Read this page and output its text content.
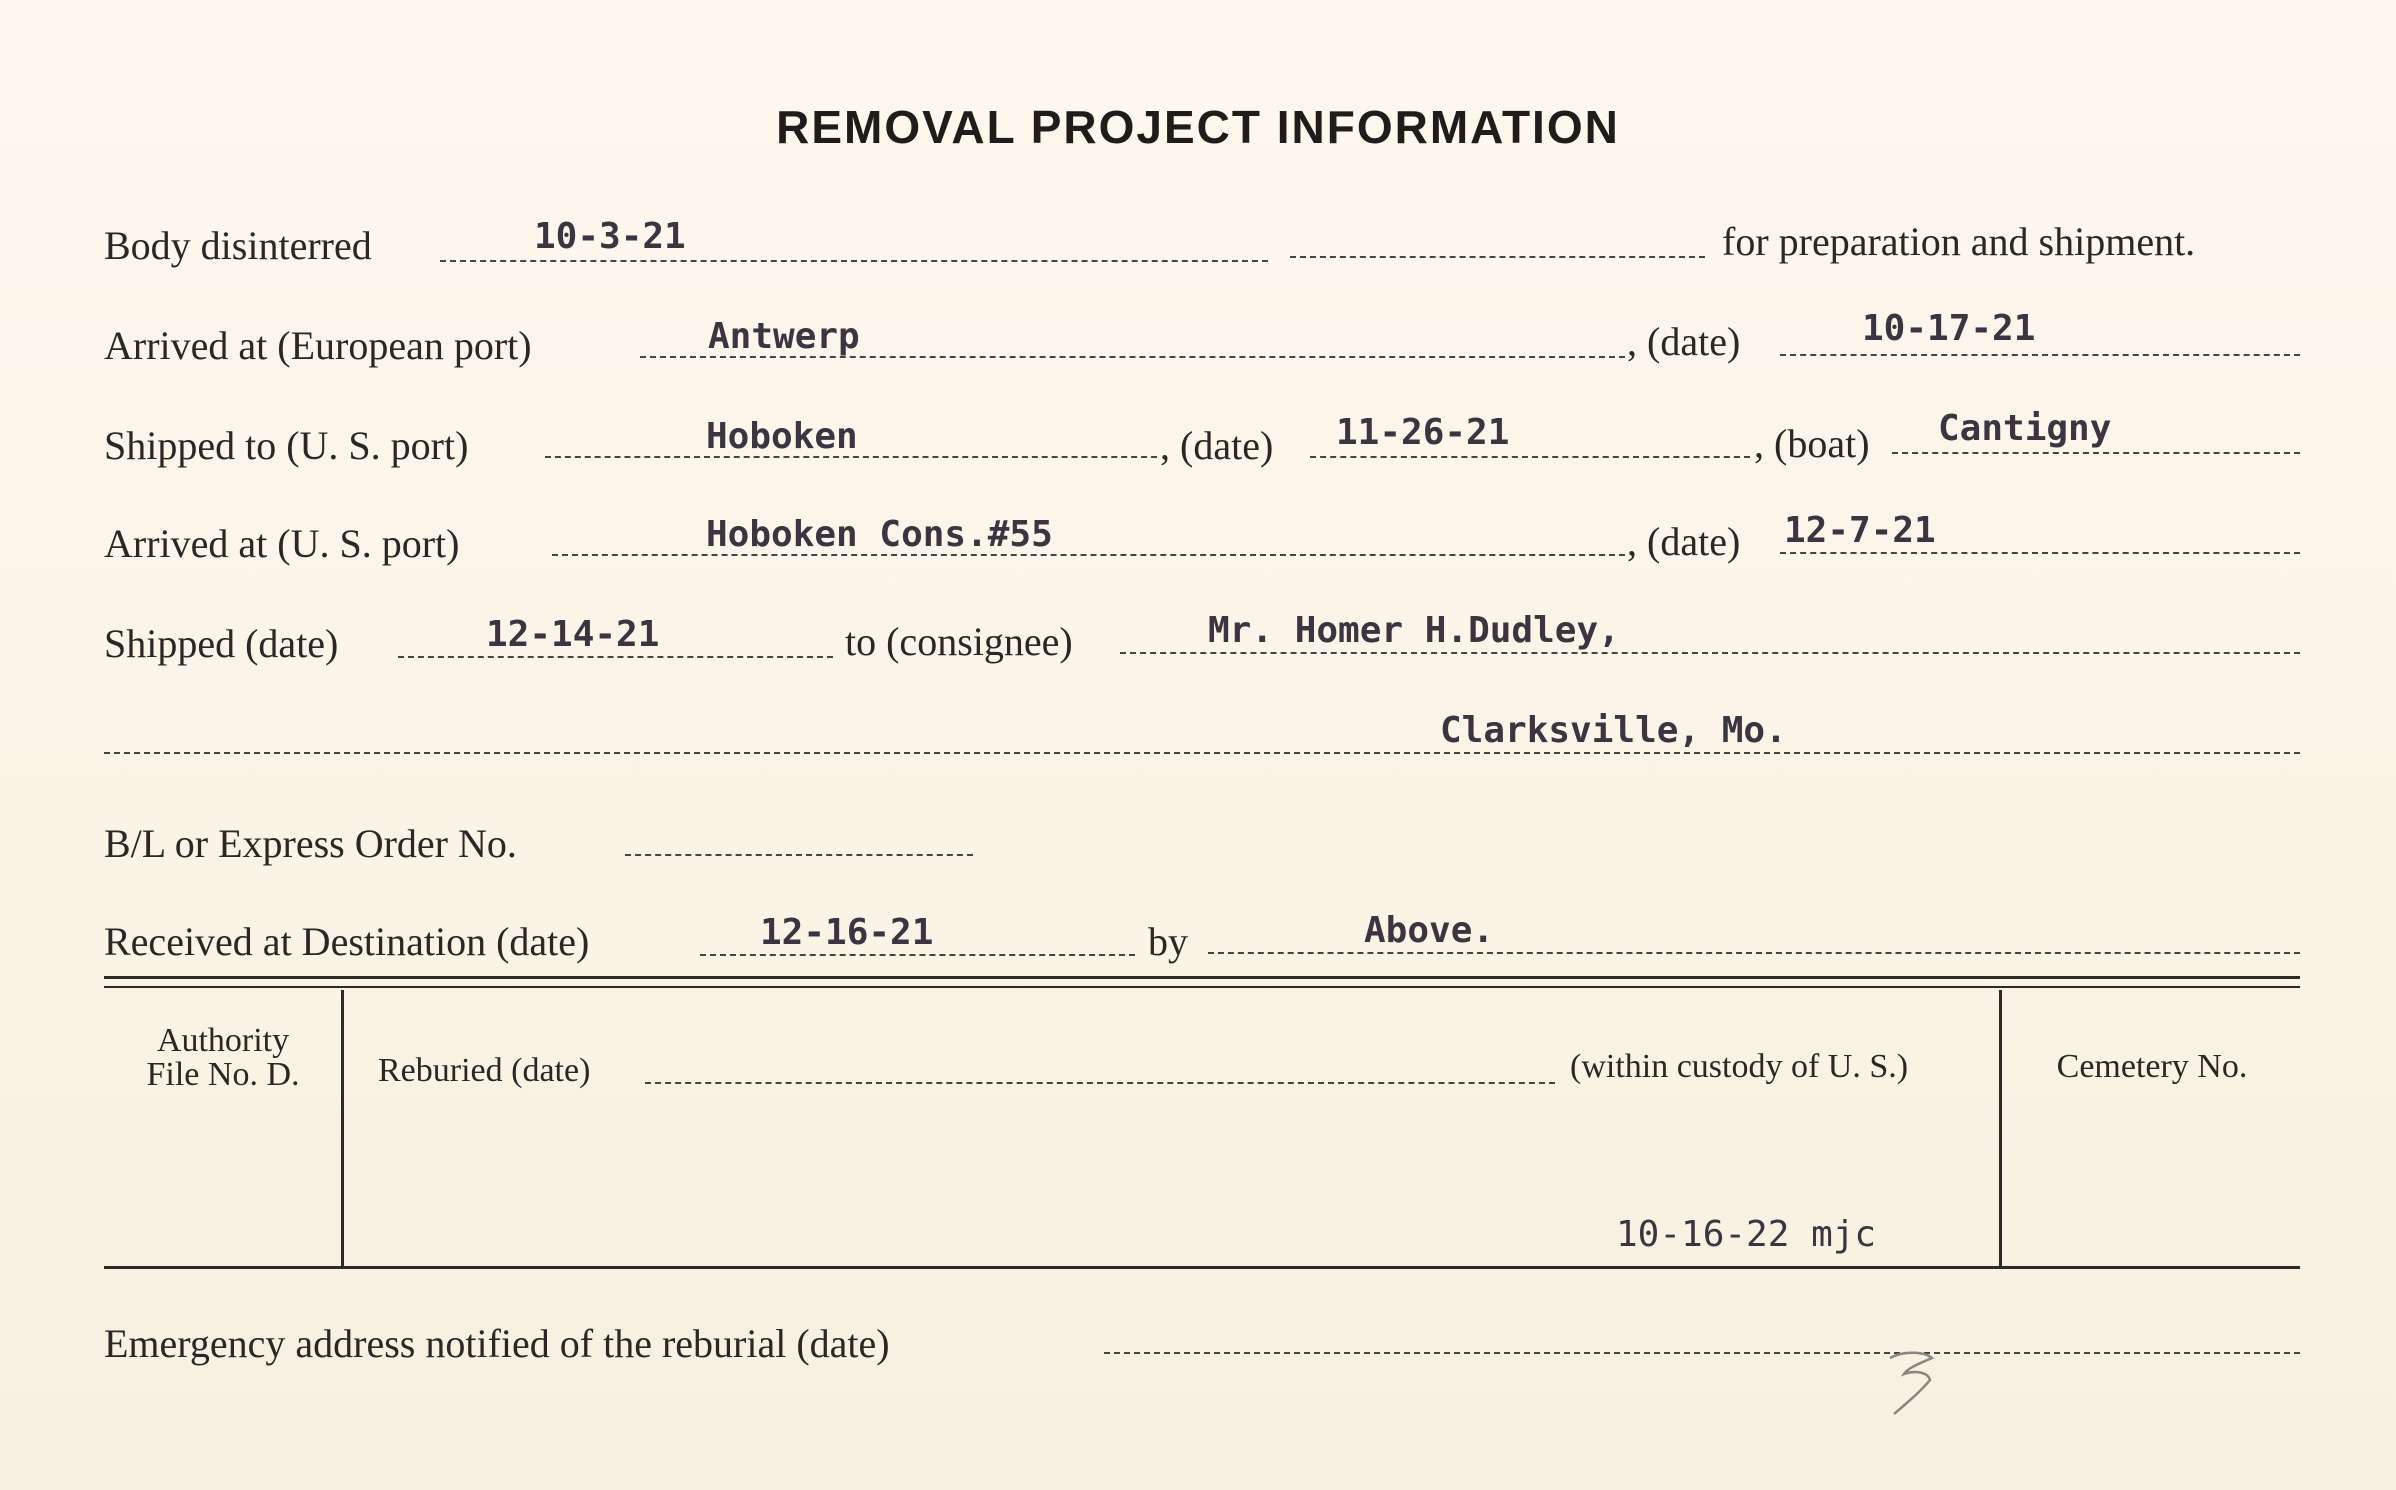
REMOVAL PROJECT INFORMATION
Body disinterred	10-3-21	for preparation and shipment.
Arrived at (European port)	Antwerp	, (date)	10-17-21
Shipped to (U. S. port)	Hoboken	, (date) 11-26-21	, (boat) Cantigny
Arrived at (U. S. port)	Hoboken Cons.#55	, (date) 12-7-21
Shipped (date)	12-14-21	to (consignee)	Mr. Homer H.Dudley,
Clarksville, Mo.
B/L or Express Order No.
Received at Destination (date)	12-16-21	by	Above.
Authority
File No. D.	Reburied (date)	(within custody of U. S.)	Cemetery No.
10-16-22 mjc
Emergency address notified of the reburial (date)
